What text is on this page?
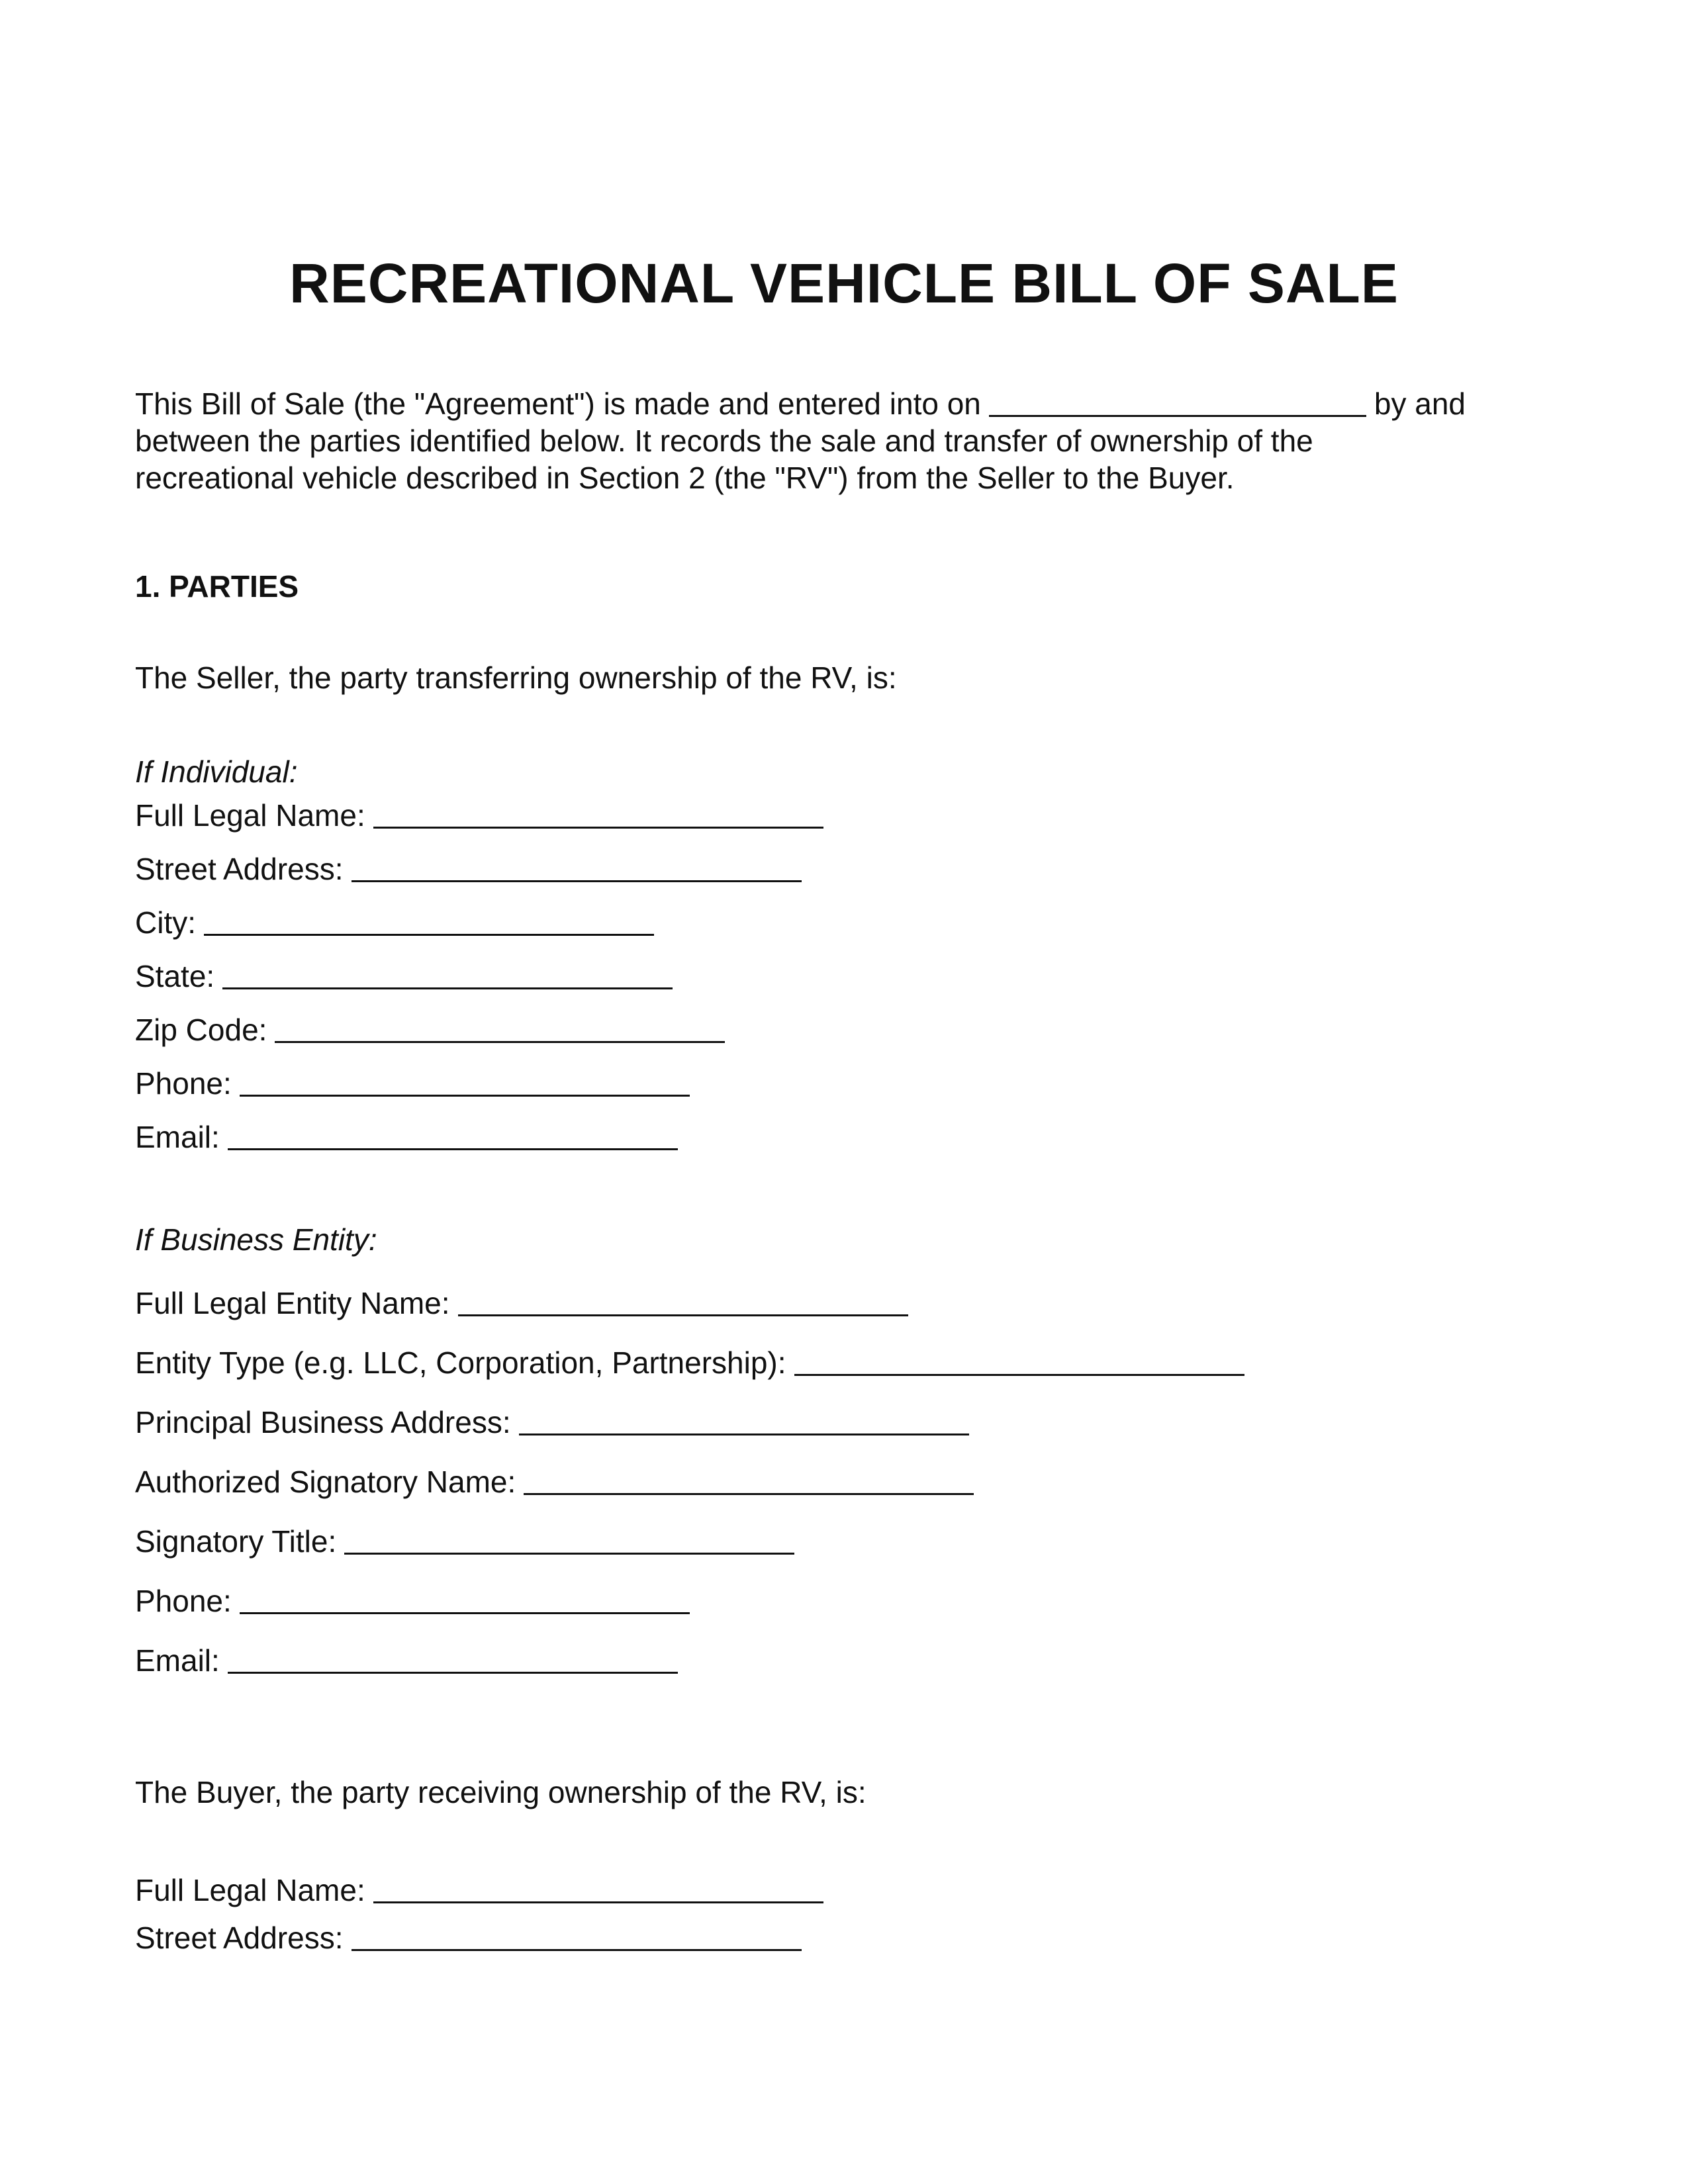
RECREATIONAL VEHICLE BILL OF SALE
This Bill of Sale (the "Agreement") is made and entered into on	by and
between the parties identified below. It records the sale and transfer of ownership of the
recreational vehicle described in Section 2 (the "RV") from the Seller to the Buyer.
1. PARTIES
The Seller, the party transferring ownership of the RV, is:
If Individual:
Full Legal Name:
Street Address:
City:
State:
Zip Code:
Phone:
Email:
If Business Entity:
Full Legal Entity Name:
Entity Type (e.g. LLC, Corporation, Partnership):
Principal Business Address:
Authorized Signatory Name:
Signatory Title:
Phone:
Email:
The Buyer, the party receiving ownership of the RV, is:
Full Legal Name:
Street Address:
